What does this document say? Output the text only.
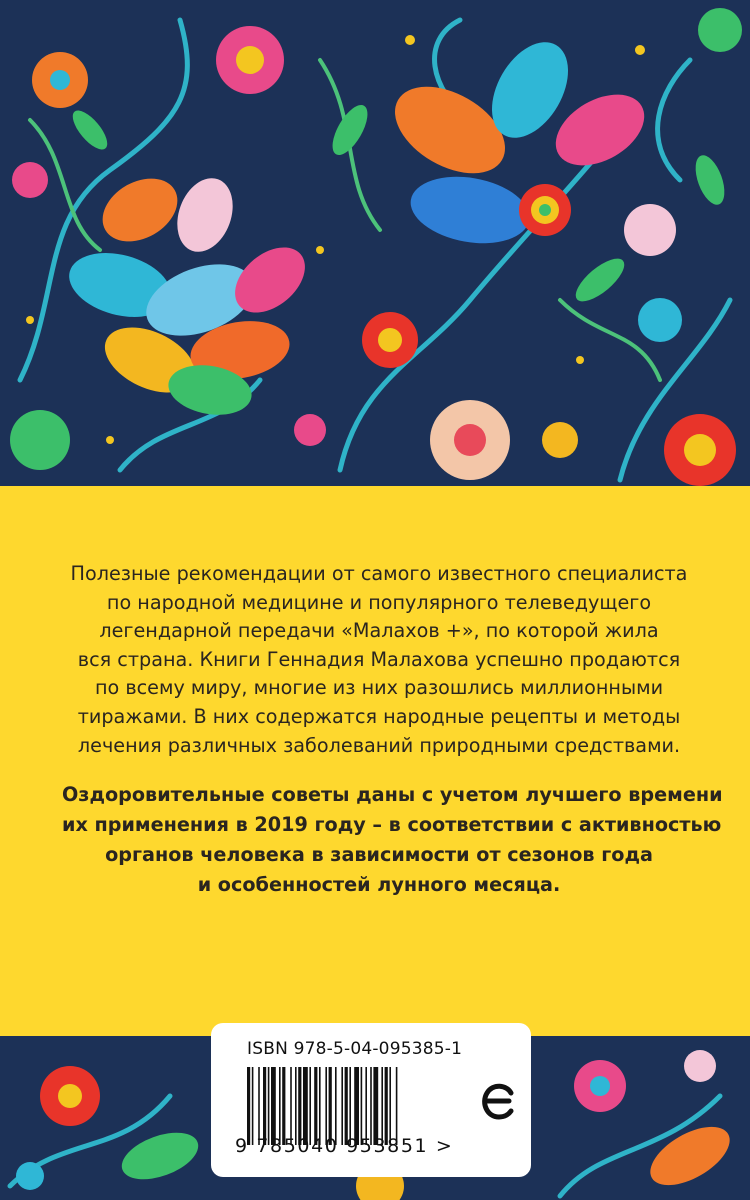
Полезные рекомендации от самого известного специалиста
по народной медицине и популярного телеведущего
легендарной передачи «Малахов +», по которой жила
вся страна. Книги Геннадия Малахова успешно продаются
по всему миру, многие из них разошлись миллионными
тиражами. В них содержатся народные рецепты и методы
лечения различных заболеваний природными средствами.
Оздоровительные советы даны с учетом лучшего времени
их применения в 2019 году – в соответствии с активностью
органов человека в зависимости от сезонов года
и особенностей лунного месяца.
ISBN 978-5-04-095385-1
9 785040 953851 >
